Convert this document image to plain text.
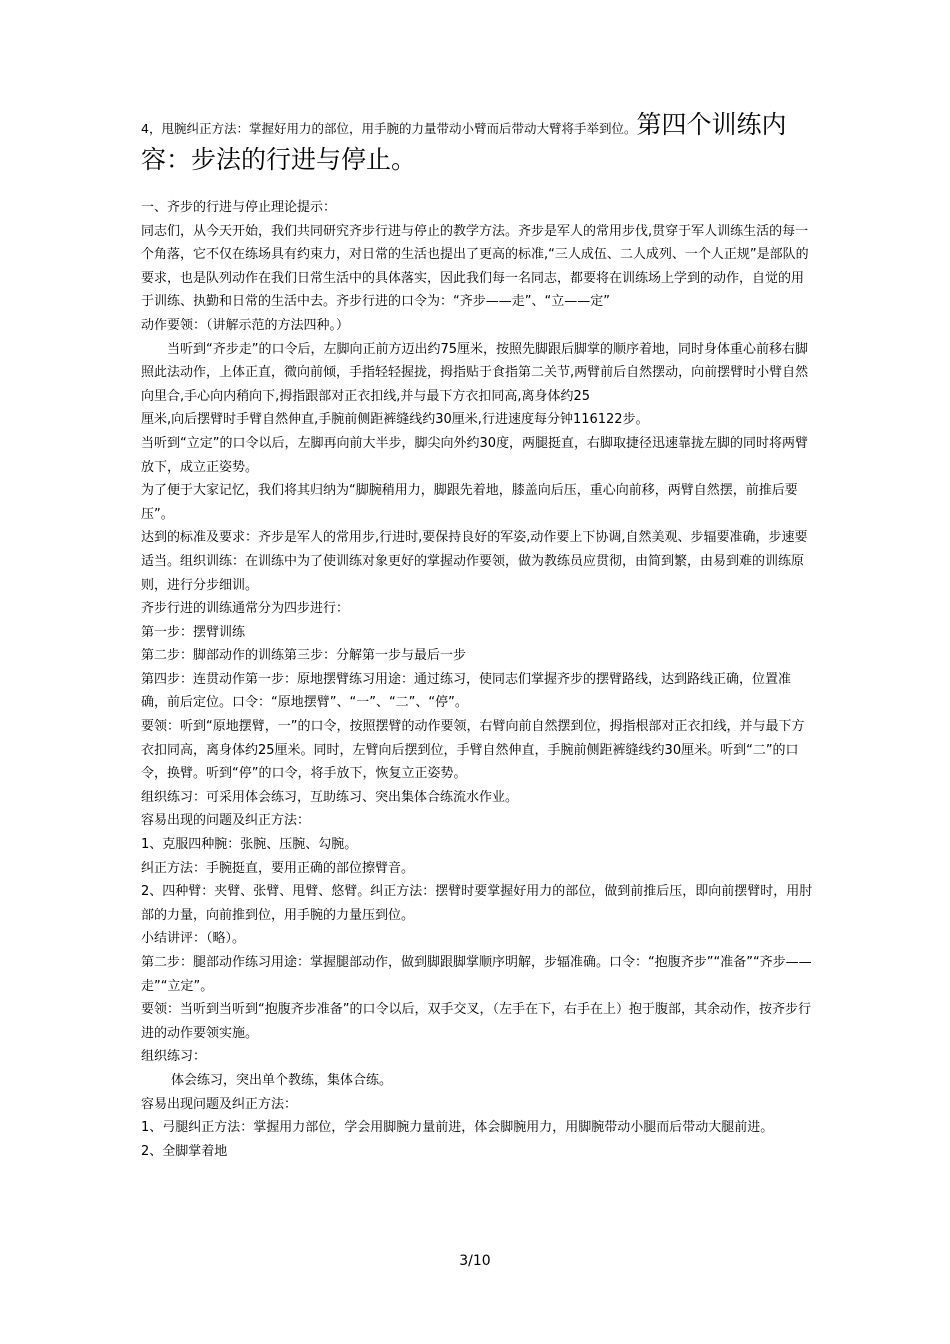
4，甩腕纠正方法：掌握好用力的部位，用手腕的力量带动小臂而后带动大臂将手举到位。第四个训练内容：步法的行进与停止。

一、齐步的行进与停止理论提示：

同志们，从今天开始，我们共同研究齐步行进与停止的教学方法。齐步是军人的常用步伐,贯穿于军人训练生活的每一个角落，它不仅在练场具有约束力，对日常的生活也提出了更高的标准,“三人成伍、二人成列、一个人正规”是部队的要求，也是队列动作在我们日常生活中的具体落实，因此我们每一名同志，都要将在训练场上学到的动作，自觉的用于训练、执勤和日常的生活中去。齐步行进的口令为：“齐步——走”、“立——定”

动作要领：（讲解示范的方法四种。）

当听到“齐步走”的口令后，左脚向正前方迈出约75厘米，按照先脚跟后脚掌的顺序着地，同时身体重心前移右脚照此法动作，上体正直，微向前倾，手指轻轻握拢，拇指贴于食指第二关节,两臂前后自然摆动，向前摆臂时小臂自然向里合,手心向内稍向下,拇指跟部对正衣扣线,并与最下方衣扣同高,离身体约25

厘米,向后摆臂时手臂自然伸直,手腕前侧距裤缝线约30厘米,行进速度每分钟116122步。

当听到“立定”的口令以后，左脚再向前大半步，脚尖向外约30度，两腿挺直，右脚取捷径迅速靠拢左脚的同时将两臂放下，成立正姿势。

为了便于大家记忆，我们将其归纳为“脚腕稍用力，脚跟先着地，膝盖向后压，重心向前移，两臂自然摆，前推后要压”。

达到的标准及要求：齐步是军人的常用步,行进时,要保持良好的军姿,动作要上下协调,自然美观、步辐要准确，步速要适当。组织训练：在训练中为了使训练对象更好的掌握动作要领，做为教练员应贯彻，由简到繁，由易到难的训练原则，进行分步细训。

齐步行进的训练通常分为四步进行：

第一步：摆臂训练

第二步：脚部动作的训练第三步：分解第一步与最后一步

第四步：连贯动作第一步：原地摆臂练习用途：通过练习，使同志们掌握齐步的摆臂路线，达到路线正确，位置准确，前后定位。口令：“原地摆臂”、“一”、“二”、“停”。

要领：听到“原地摆臂，一”的口令，按照摆臂的动作要领，右臂向前自然摆到位，拇指根部对正衣扣线，并与最下方衣扣同高，离身体约25厘米。同时，左臂向后摆到位，手臂自然伸直，手腕前侧距裤缝线约30厘米。听到“二”的口令，换臂。听到“停”的口令，将手放下，恢复立正姿势。

组织练习：可采用体会练习，互助练习、突出集体合练流水作业。

容易出现的问题及纠正方法：

1、克服四种腕：张腕、压腕、勾腕。

纠正方法：手腕挺直，要用正确的部位擦臂音。

2、四种臂：夹臂、张臂、甩臂、悠臂。纠正方法：摆臂时要掌握好用力的部位，做到前推后压，即向前摆臂时，用肘部的力量，向前推到位，用手腕的力量压到位。

小结讲评：（略）。

第二步：腿部动作练习用途：掌握腿部动作，做到脚跟脚掌顺序明解，步辐准确。口令：“抱腹齐步”“准备”“齐步——走”“立定”。

要领：当听到当听到“抱腹齐步准备”的口令以后，双手交叉，（左手在下，右手在上）抱于腹部，其余动作，按齐步行进的动作要领实施。

组织练习：

体会练习，突出单个教练，集体合练。

容易出现问题及纠正方法：

1、弓腿纠正方法：掌握用力部位，学会用脚腕力量前进，体会脚腕用力，用脚腕带动小腿而后带动大腿前进。

2、全脚掌着地

3/10
